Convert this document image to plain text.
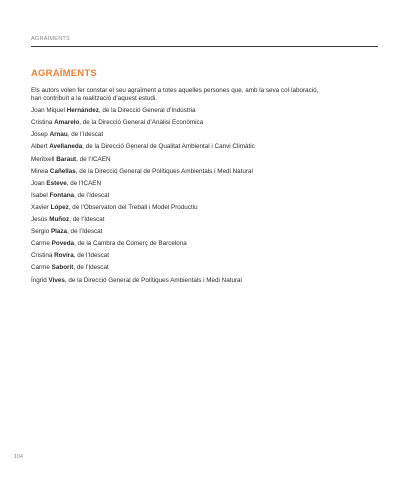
AGRAÏMENTS
AGRAÏMENTS

Els autors volen fer constar el seu agraïment a totes aquelles persones que, amb la seva col·laboració,
han contribuït a la realització d’aquest estudi.

Joan Miquel Hernández, de la Direcció General d’Indústria
Cristina Amarelo, de la Direcció General d’Anàlisi Econòmica
Josep Arnau, de l’Idescat
Albert Avellaneda, de la Direcció General de Qualitat Ambiental i Canvi Climàtic
Meritxell Baraut, de l’ICAEN
Mireia Cañellas, de la Direcció General de Polítiques Ambientals i Medi Natural
Joan Esteve, de l’ICAEN
Isabel Fontana, de l’Idescat
Xavier López, de l’Observatori del Treball i Model Productiu
Jesús Muñoz, de l’Idescat
Sergio Plaza, de l’Idescat
Carme Poveda, de la Cambra de Comerç de Barcelona
Cristina Rovira, de l’Idescat
Carme Saborit, de l’Idescat
Íngrid Vives, de la Direcció General de Polítiques Ambientals i Medi Natural
104
